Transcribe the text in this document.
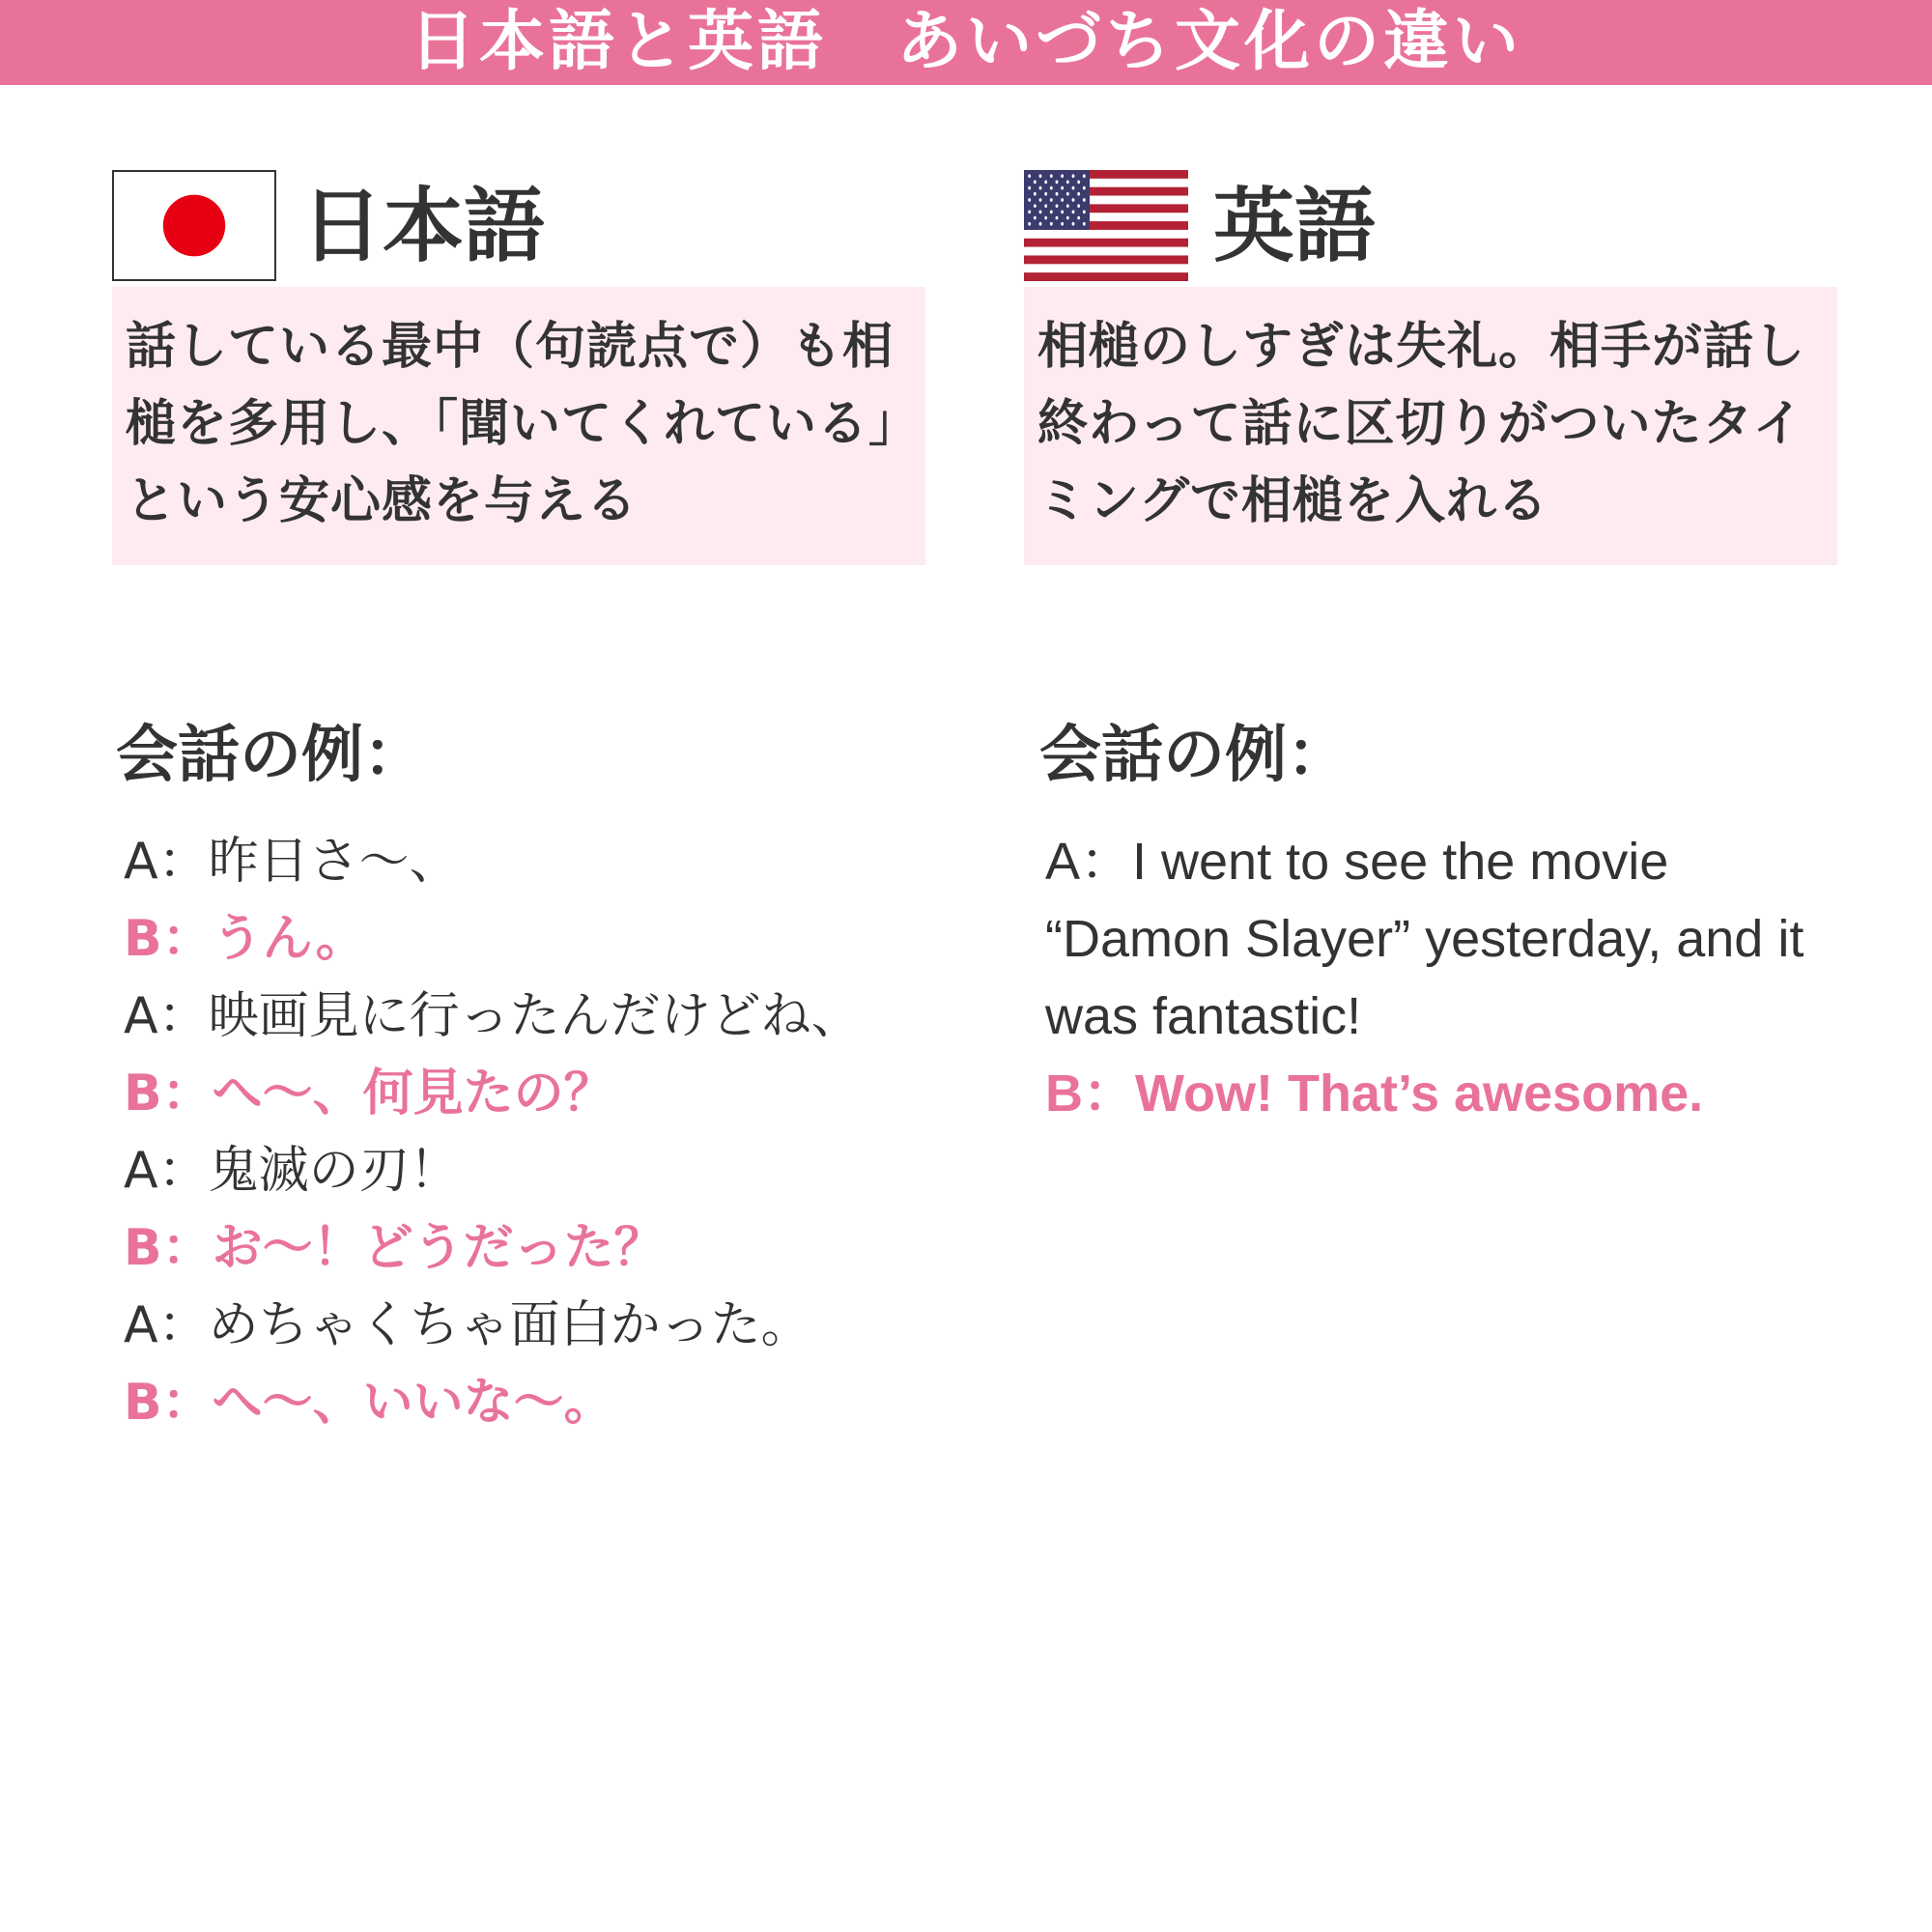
日本語と英語　あいづち文化の違い
日本語
話している最中（句読点で）も相槌を多用し、「聞いてくれている」という安心感を与える
会話の例：
A：昨日さ〜、
B：うん。
A：映画見に行ったんだけどね、
B：へ〜、何見たの？
A：鬼滅の刃！
B：お〜！どうだった？
A：めちゃくちゃ面白かった。
B：へ〜、いいな〜。
英語
相槌のしすぎは失礼。相手が話し終わって話に区切りがついたタイミングで相槌を入れる
会話の例：
A：I went to see the movie “Damon Slayer” yesterday, and it was fantastic!
B：Wow! That’s awesome.
